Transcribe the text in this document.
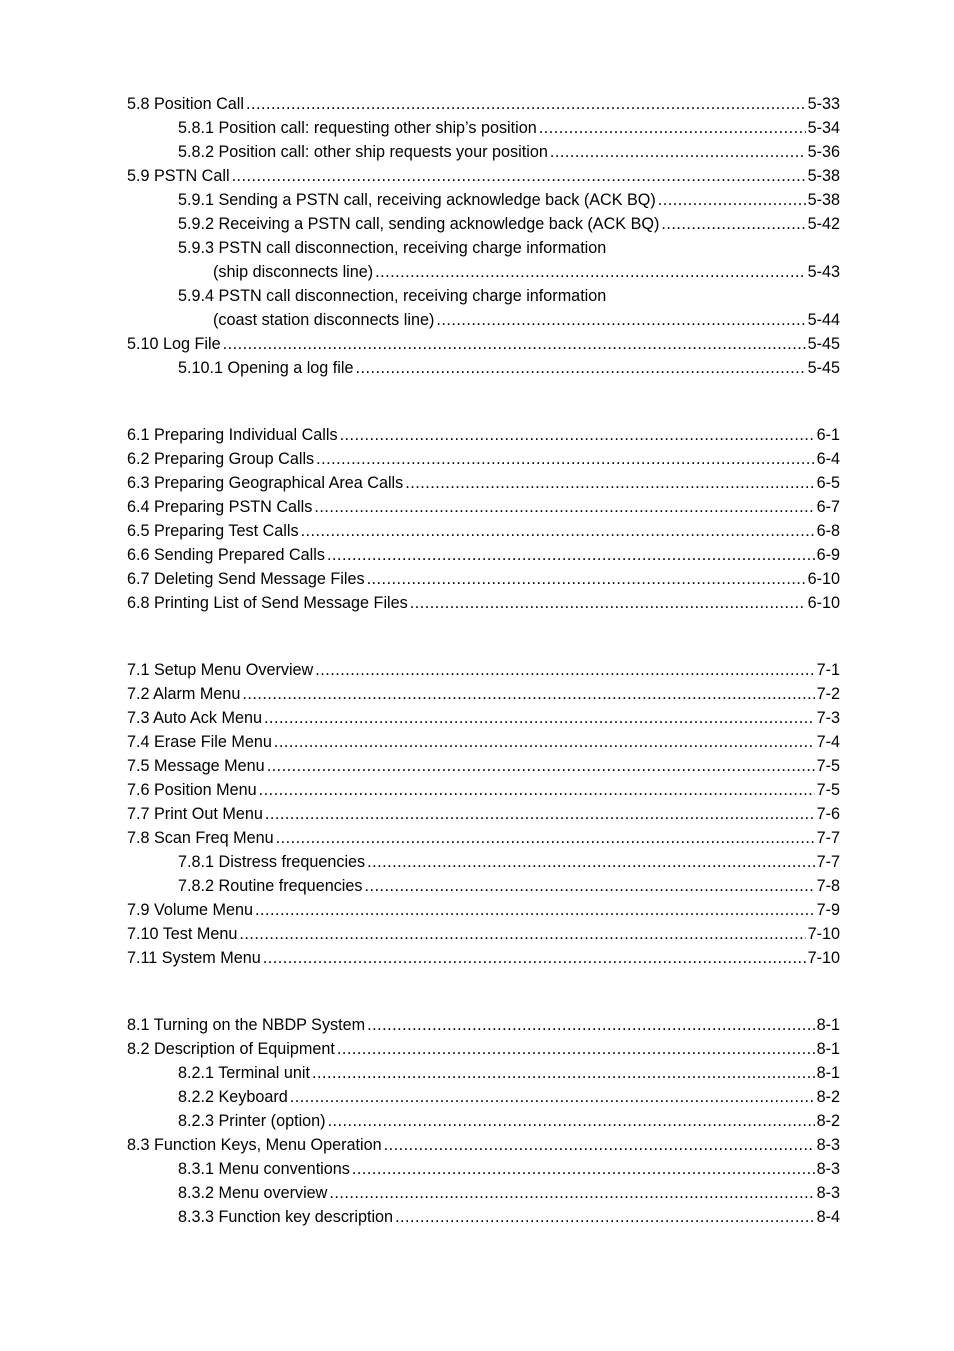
5.8 Position Call .....	5-33
5.8.1 Position call: requesting other ship’s position .....	5-34
5.8.2 Position call: other ship requests your position .....	5-36
5.9 PSTN Call .....	5-38
5.9.1 Sending a PSTN call, receiving acknowledge back (ACK BQ) .....	5-38
5.9.2 Receiving a PSTN call, sending acknowledge back (ACK BQ) .....	5-42
5.9.3 PSTN call disconnection, receiving charge information
(ship disconnects line) .....	5-43
5.9.4 PSTN call disconnection, receiving charge information
(coast station disconnects line) .....	5-44
5.10 Log File .....	5-45
5.10.1 Opening a log file .....	5-45
6.1 Preparing Individual Calls .....	6-1
6.2 Preparing Group Calls .....	6-4
6.3 Preparing Geographical Area Calls .....	6-5
6.4 Preparing PSTN Calls .....	6-7
6.5 Preparing Test Calls .....	6-8
6.6 Sending Prepared Calls .....	6-9
6.7 Deleting Send Message Files .....	6-10
6.8 Printing List of Send Message Files .....	6-10
7.1 Setup Menu Overview .....	7-1
7.2 Alarm Menu .....	7-2
7.3 Auto Ack Menu .....	7-3
7.4 Erase File Menu .....	7-4
7.5 Message Menu .....	7-5
7.6 Position Menu .....	7-5
7.7 Print Out Menu .....	7-6
7.8 Scan Freq Menu .....	7-7
7.8.1 Distress frequencies .....	7-7
7.8.2 Routine frequencies .....	7-8
7.9 Volume Menu .....	7-9
7.10 Test Menu .....	7-10
7.11 System Menu .....	7-10
8.1 Turning on the NBDP System .....	8-1
8.2 Description of Equipment .....	8-1
8.2.1 Terminal unit .....	8-1
8.2.2 Keyboard .....	8-2
8.2.3 Printer (option) .....	8-2
8.3 Function Keys, Menu Operation .....	8-3
8.3.1 Menu conventions .....	8-3
8.3.2 Menu overview .....	8-3
8.3.3 Function key description .....	8-4
